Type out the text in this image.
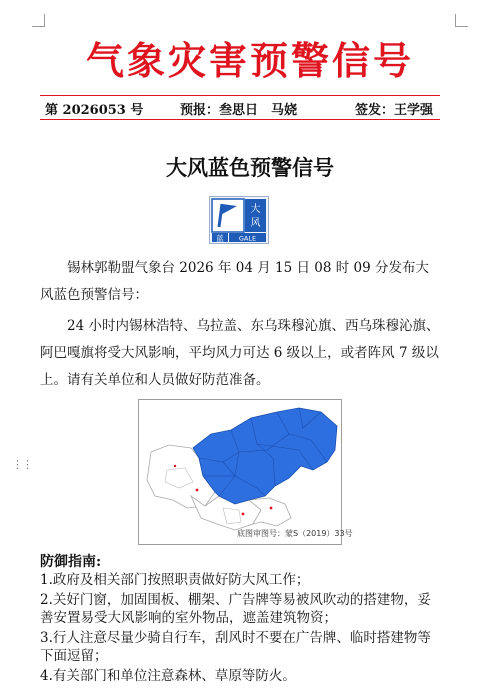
⋮⋮
气象灾害预警信号
第 2026053 号	预报：叁思日　马娆	签发：王学强
大风蓝色预警信号
大
风
蓝 GALE

锡林郭勒盟气象台 2026 年 04 月 15 日 08 时 09 分发布大风蓝色预警信号：

24 小时内锡林浩特、乌拉盖、东乌珠穆沁旗、西乌珠穆沁旗、阿巴嘎旗将受大风影响，平均风力可达 6 级以上，或者阵风 7 级以上。请有关单位和人员做好防范准备。

底图审图号：蒙S（2019）33号
防御指南:
1.政府及相关部门按照职责做好防大风工作；
2.关好门窗，加固围板、棚架、广告牌等易被风吹动的搭建物，妥善安置易受大风影响的室外物品，遮盖建筑物资；
3.行人注意尽量少骑自行车，刮风时不要在广告牌、临时搭建物等下面逗留；
4.有关部门和单位注意森林、草原等防火。
